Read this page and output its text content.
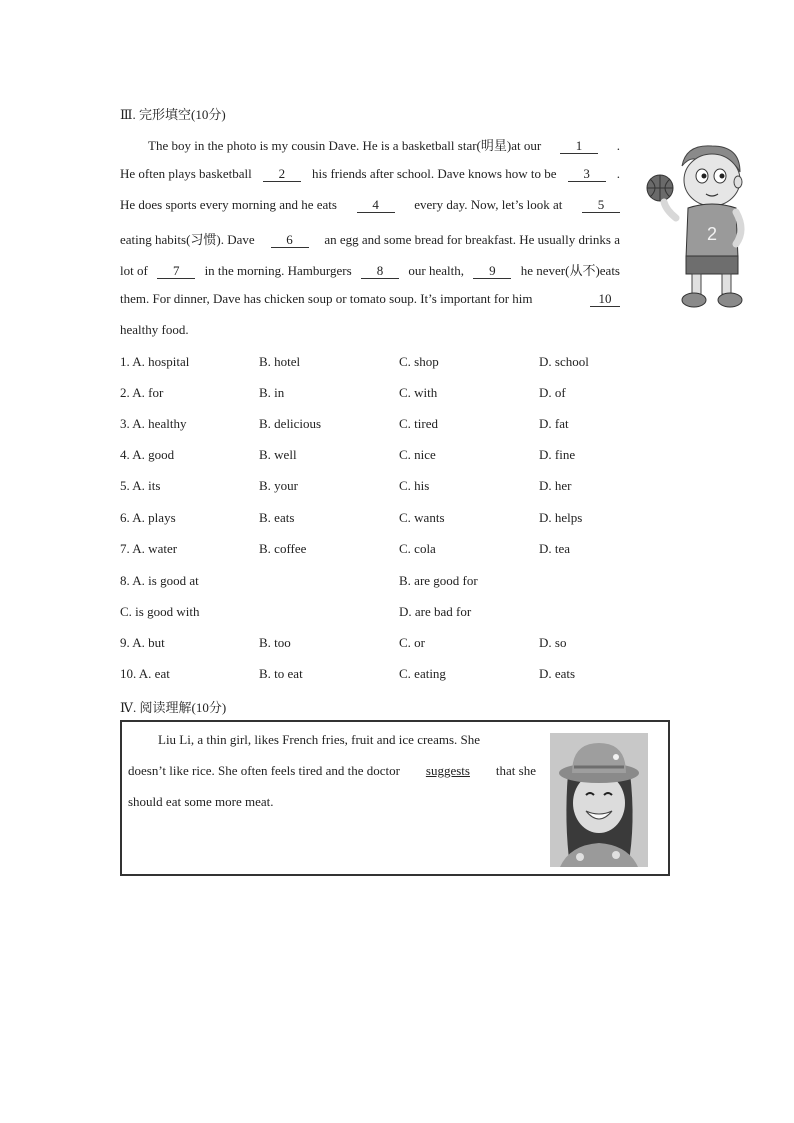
Ⅲ. 完形填空(10分)
The boy in the photo is my cousin Dave. He is a basketball star(明星)at our	1	.
He often plays basketball	2	his friends after school. Dave knows how to be	3	.
He does sports every morning and he eats	4	every day. Now, let’s look at	5
eating habits(习惯). Dave	6	an egg and some bread for breakfast. He usually drinks a
lot of	7	in the morning. Hamburgers	8	our health,	9	he never(从不)eats
them. For dinner, Dave has chicken soup or tomato soup. It’s important for him	10
healthy food.
2
1. A. hospital	B. hotel	C. shop	D. school
2. A. for	B. in	C. with	D. of
3. A. healthy	B. delicious	C. tired	D. fat
4. A. good	B. well	C. nice	D. fine
5. A. its	B. your	C. his	D. her
6. A. plays	B. eats	C. wants	D. helps
7. A. water	B. coffee	C. cola	D. tea
8. A. is good at	B. are good for
C. is good with	D. are bad for
9. A. but	B. too	C. or	D. so
10. A. eat	B. to eat	C. eating	D. eats
Ⅳ. 阅读理解(10分)
Liu Li, a thin girl, likes French fries, fruit and ice creams. She
doesn’t like rice. She often feels tired and the doctor suggests that she
should eat some more meat.
